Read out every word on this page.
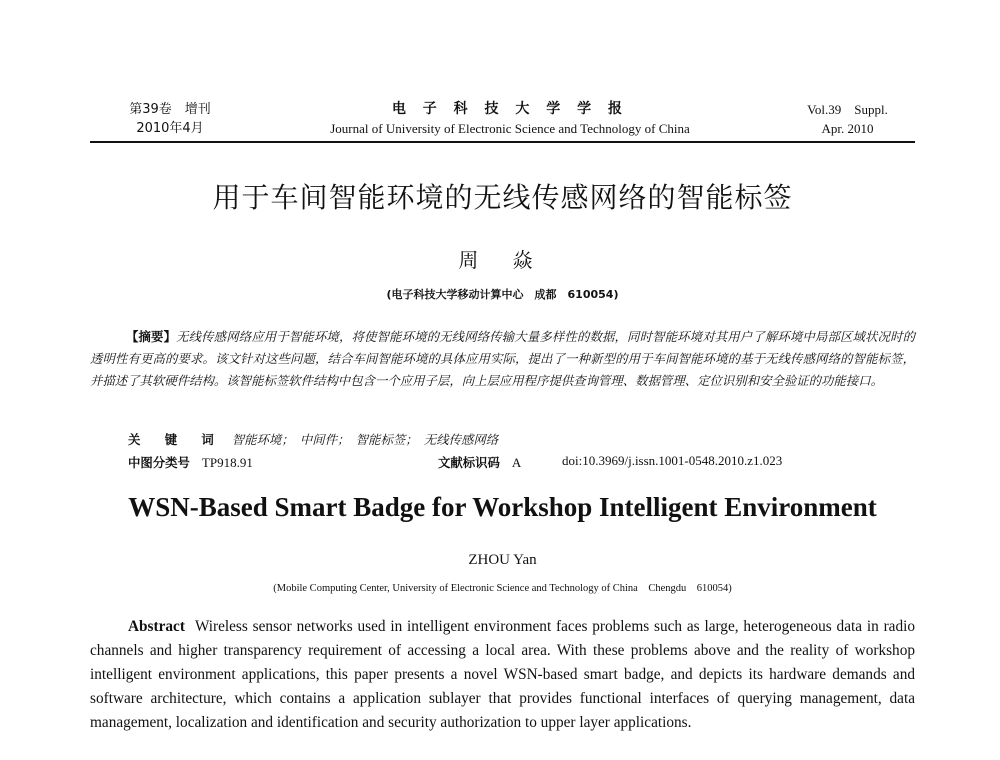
第39卷　增刊
2010年4月
电 子 科 技 大 学 学 报
Journal of University of Electronic Science and Technology of China
Vol.39　Suppl.
Apr. 2010
用于车间智能环境的无线传感网络的智能标签
周 焱
(电子科技大学移动计算中心　成都　610054)
【摘要】无线传感网络应用于智能环境，将使智能环境的无线网络传输大量多样性的数据，同时智能环境对其用户了解环境中局部区域状况时的透明性有更高的要求。该文针对这些问题，结合车间智能环境的具体应用实际，提出了一种新型的用于车间智能环境的基于无线传感网络的智能标签，并描述了其软硬件结构。该智能标签软件结构中包含一个应用子层，向上层应用程序提供查询管理、数据管理、定位识别和安全验证的功能接口。
关 键 词 智能环境；　中间件；　智能标签；　无线传感网络
中图分类号 TP918.91	文献标识码 A	doi:10.3969/j.issn.1001-0548.2010.z1.023
WSN-Based Smart Badge for Workshop Intelligent Environment
ZHOU Yan
(Mobile Computing Center, University of Electronic Science and Technology of China　Chengdu　610054)
Abstract Wireless sensor networks used in intelligent environment faces problems such as large, heterogeneous data in radio channels and higher transparency requirement of accessing a local area. With these problems above and the reality of workshop intelligent environment applications, this paper presents a novel WSN-based smart badge, and depicts its hardware demands and software architecture, which contains a application sublayer that provides functional interfaces of querying management, data management, localization and identification and security authorization to upper layer applications.
